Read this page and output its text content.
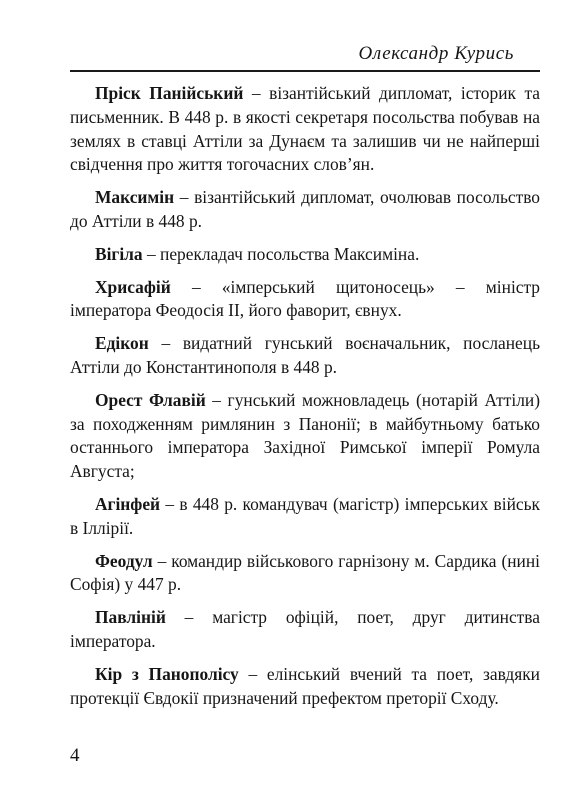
Олександр Курись

Пріск Панійський – візантійський дипломат, історик та письменник. В 448 р. в якості секретаря посольства побував на землях в ставці Аттіли за Дунаєм та залишив чи не найперші свідчення про життя тогочасних слов’ян.

Максимін – візантійський дипломат, очолював посольство до Аттіли в 448 р.

Вігіла – перекладач посольства Максиміна.

Хрисафій – «імперський щитоносець» – міністр імператора Феодосія II, його фаворит, євнух.

Едікон – видатний гунський воєначальник, посланець Аттіли до Константинополя в 448 р.

Орест Флавій – гунський можновладець (нотарій Аттіли) за походженням римлянин з Панонії; в майбутньому батько останнього імператора Західної Римської імперії Ромула Августа;

Агінфей – в 448 р. командувач (магістр) імперських військ в Іллірії.

Феодул – командир військового гарнізону м. Сардика (нині Софія) у 447 р.

Павліній – магістр офіцій, поет, друг дитинства імператора.

Кір з Панополісу – елінський вчений та поет, завдяки протекції Євдокії призначений префектом преторії Сходу.

4
